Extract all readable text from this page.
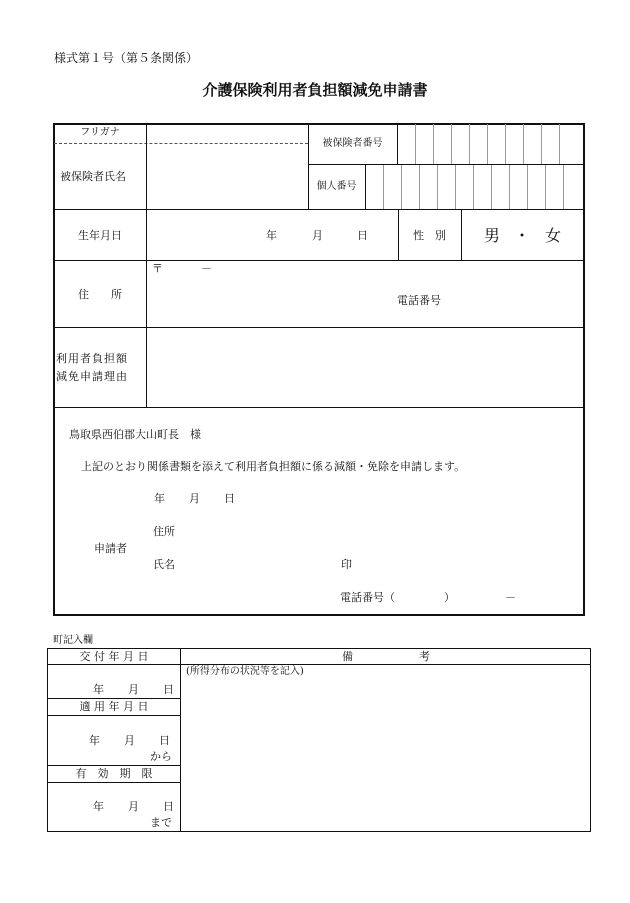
様式第１号（第５条関係）
介護保険利用者負担額減免申請書
フリガナ
被保険者氏名
被保険者番号
個人番号
生年月日	年	月	日	性　別	男 ・ 女
住　　所
〒	－
電話番号
利用者負担額
減免申請理由
鳥取県西伯郡大山町長　様
上記のとおり関係書類を添えて利用者負担額に係る減額・免除を申請します。
年 月 日
住所
申請者
氏名	印
電話番号（	）	－
町記入欄
交 付 年 月 日	備　　　　　　考
(所得分布の状況等を記入)
年 月 日
適 用 年 月 日
年 月 日
から
有　効　期　限
年 月 日
まで
